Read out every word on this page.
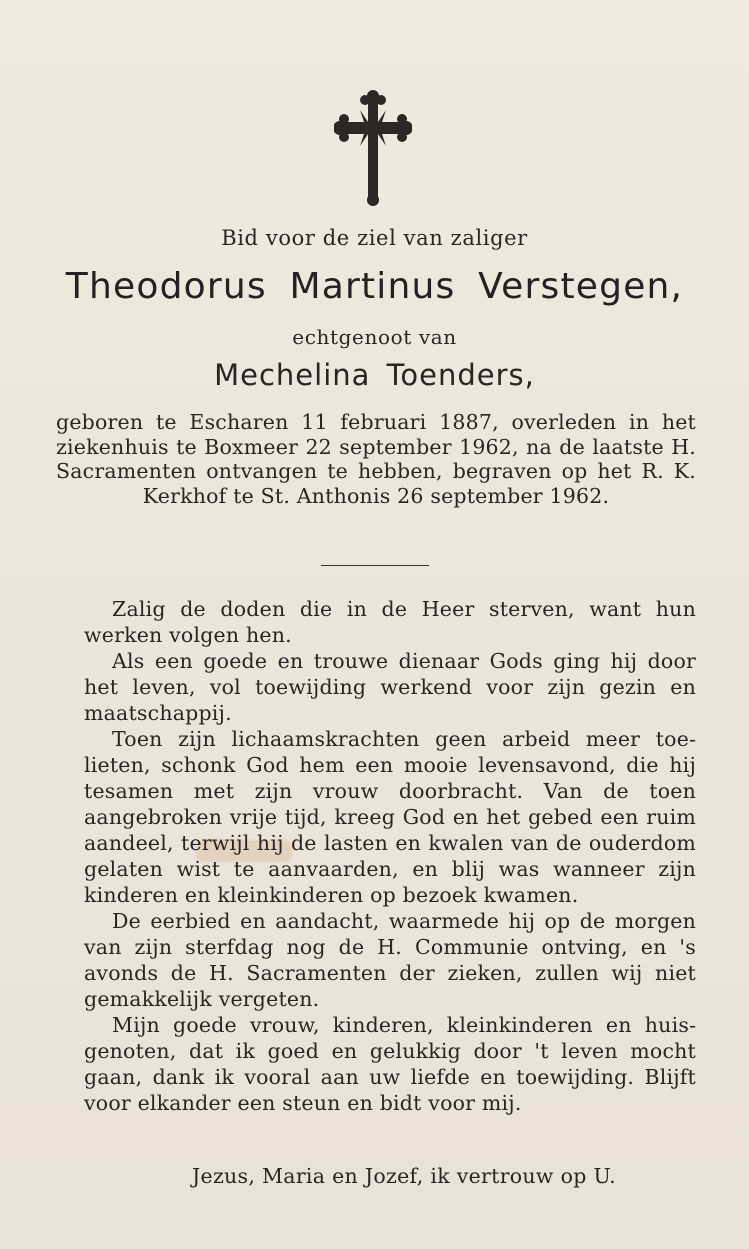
Bid voor de ziel van zaliger
Theodorus Martinus Verstegen,
echtgenoot van
Mechelina Toenders,
geboren te Escharen 11 februari 1887, overleden in het ziekenhuis te Boxmeer 22 september 1962, na de laatste H. Sacramenten ontvangen te hebben, begraven op het R. K. Kerkhof te St. Anthonis 26 september 1962.

Zalig de doden die in de Heer sterven, want hun werken volgen hen.

Als een goede en trouwe dienaar Gods ging hij door het leven, vol toewijding werkend voor zijn gezin en maatschappij.

Toen zijn lichaamskrachten geen arbeid meer toelieten, schonk God hem een mooie levensavond, die hij tesamen met zijn vrouw doorbracht. Van de toen aangebroken vrije tijd, kreeg God en het gebed een ruim aandeel, terwijl hij de lasten en kwalen van de ouderdom gelaten wist te aanvaarden, en blij was wanneer zijn kinderen en kleinkinderen op bezoek kwamen.

De eerbied en aandacht, waarmede hij op de morgen van zijn sterfdag nog de H. Communie ontving, en 's avonds de H. Sacramenten der zieken, zullen wij niet gemakkelijk vergeten.

Mijn goede vrouw, kinderen, kleinkinderen en huisgenoten, dat ik goed en gelukkig door 't leven mocht gaan, dank ik vooral aan uw liefde en toewijding. Blijft voor elkander een steun en bidt voor mij.

Jezus, Maria en Jozef, ik vertrouw op U.
